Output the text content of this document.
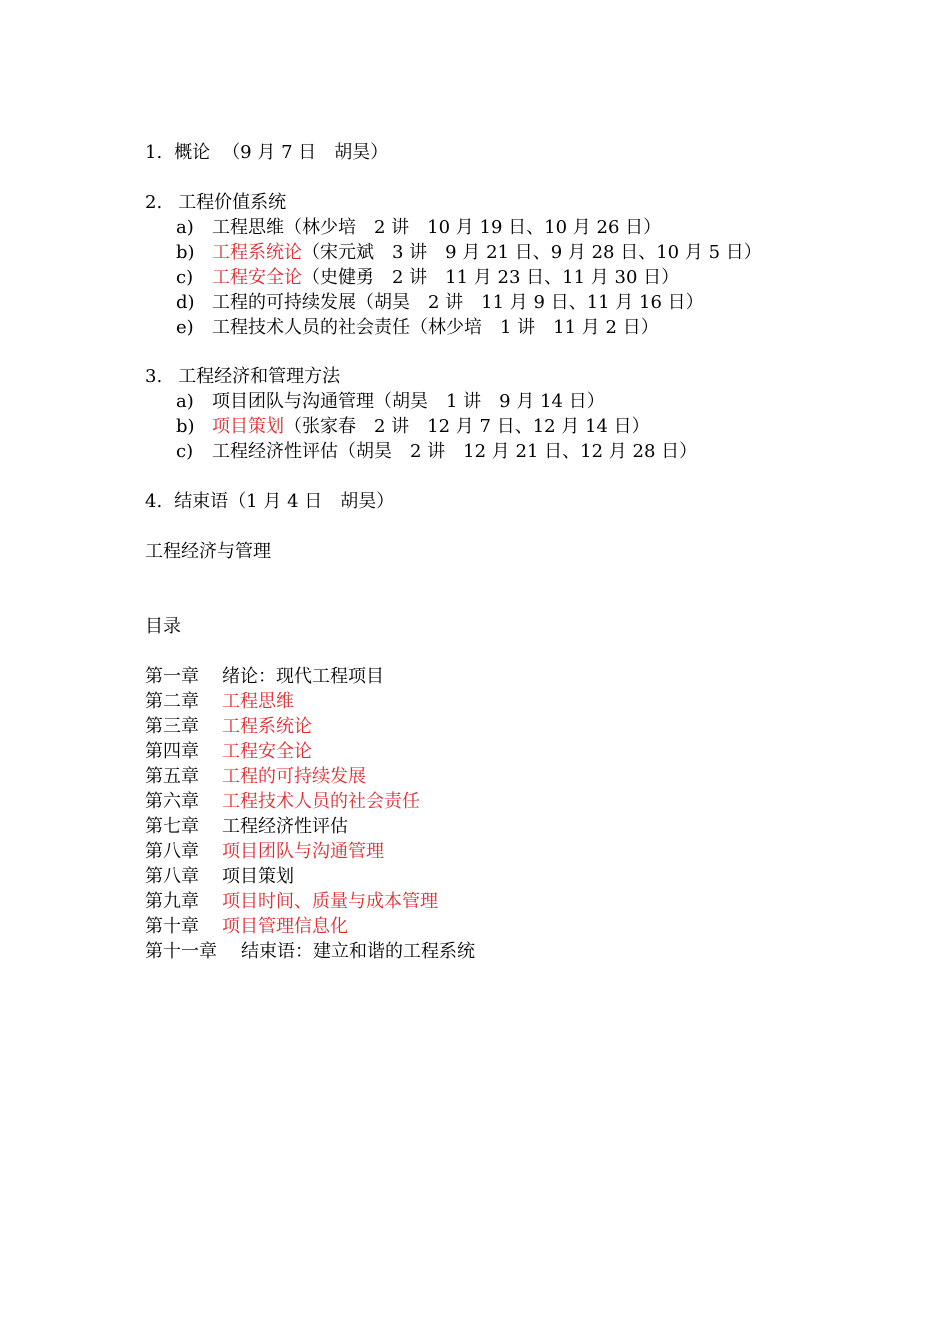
1. 概论 （9 月 7 日　胡昊）
2. 工程价值系统
a) 工程思维（林少培　2 讲　10 月 19 日、10 月 26 日）
b) 工程系统论（宋元斌　3 讲　9 月 21 日、9 月 28 日、10 月 5 日）
c) 工程安全论（史健勇　2 讲　11 月 23 日、11 月 30 日）
d) 工程的可持续发展（胡昊　2 讲　11 月 9 日、11 月 16 日）
e) 工程技术人员的社会责任（林少培　1 讲　11 月 2 日）
3. 工程经济和管理方法
a) 项目团队与沟通管理（胡昊　1 讲　9 月 14 日）
b) 项目策划（张家春　2 讲　12 月 7 日、12 月 14 日）
c) 工程经济性评估（胡昊　2 讲　12 月 21 日、12 月 28 日）
4. 结束语（1 月 4 日　胡昊）
工程经济与管理
目录
第一章 绪论：现代工程项目
第二章 工程思维
第三章 工程系统论
第四章 工程安全论
第五章 工程的可持续发展
第六章 工程技术人员的社会责任
第七章 工程经济性评估
第八章 项目团队与沟通管理
第八章 项目策划
第九章 项目时间、质量与成本管理
第十章 项目管理信息化
第十一章 结束语：建立和谐的工程系统
